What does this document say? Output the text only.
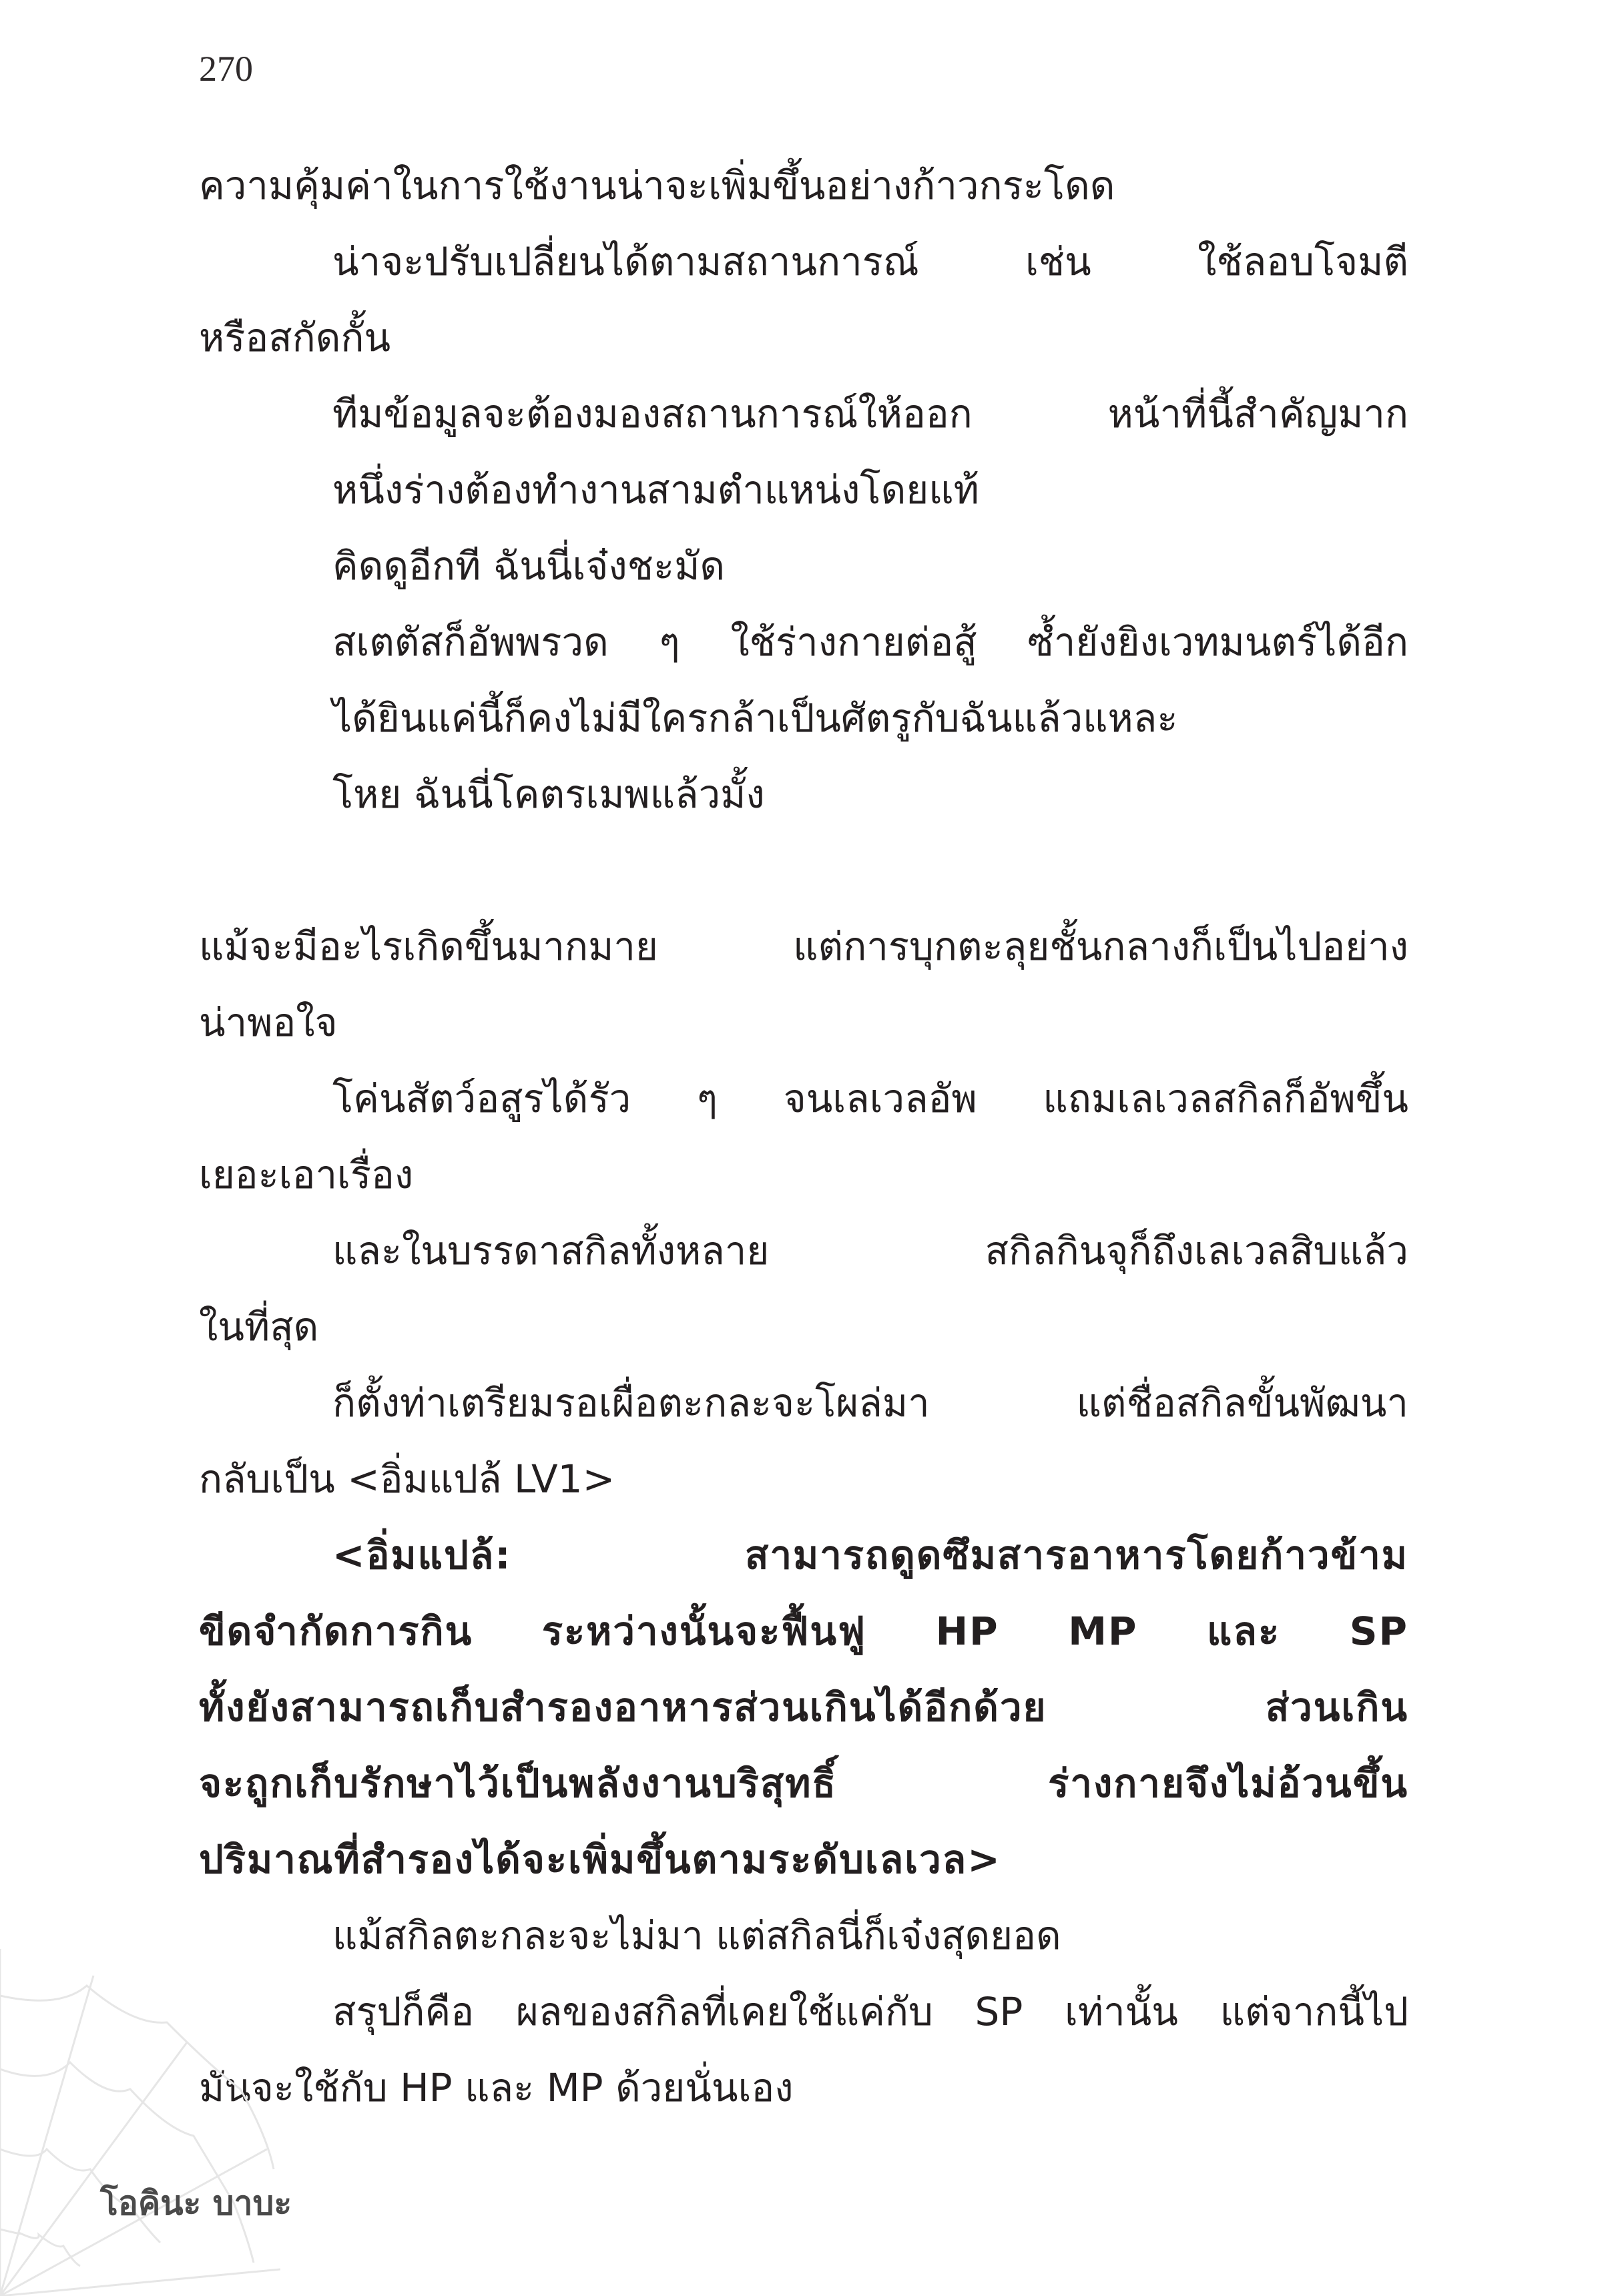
270
ความคุ้มค่าในการใช้งานน่าจะเพิ่มขึ้นอย่างก้าวกระโดด
น่าจะปรับเปลี่ยนได้ตามสถานการณ์ เช่น ใช้ลอบโจมตี
หรือสกัดกั้น
ทีมข้อมูลจะต้องมองสถานการณ์ให้ออก หน้าที่นี้สำคัญมาก
หนึ่งร่างต้องทำงานสามตำแหน่งโดยแท้
คิดดูอีกที ฉันนี่เจ๋งชะมัด
สเตตัสก็อัพพรวด ๆ ใช้ร่างกายต่อสู้ ซ้ำยังยิงเวทมนตร์ได้อีก
ได้ยินแค่นี้ก็คงไม่มีใครกล้าเป็นศัตรูกับฉันแล้วแหละ
โหย ฉันนี่โคตรเมพแล้วมั้ง
แม้จะมีอะไรเกิดขึ้นมากมาย แต่การบุกตะลุยชั้นกลางก็เป็นไปอย่าง
น่าพอใจ
โค่นสัตว์อสูรได้รัว ๆ จนเลเวลอัพ แถมเลเวลสกิลก็อัพขึ้น
เยอะเอาเรื่อง
และในบรรดาสกิลทั้งหลาย สกิลกินจุก็ถึงเลเวลสิบแล้ว
ในที่สุด
ก็ตั้งท่าเตรียมรอเผื่อตะกละจะโผล่มา แต่ชื่อสกิลขั้นพัฒนา
กลับเป็น <อิ่มแปล้ LV1>
<อิ่มแปล้: สามารถดูดซึมสารอาหารโดยก้าวข้าม
ขีดจำกัดการกิน ระหว่างนั้นจะฟื้นฟู HP MP และ SP
ทั้งยังสามารถเก็บสำรองอาหารส่วนเกินได้อีกด้วย ส่วนเกิน
จะถูกเก็บรักษาไว้เป็นพลังงานบริสุทธิ์ ร่างกายจึงไม่อ้วนขึ้น
ปริมาณที่สำรองได้จะเพิ่มขึ้นตามระดับเลเวล>
แม้สกิลตะกละจะไม่มา แต่สกิลนี่ก็เจ๋งสุดยอด
สรุปก็คือ ผลของสกิลที่เคยใช้แค่กับ SP เท่านั้น แต่จากนี้ไป
มันจะใช้กับ HP และ MP ด้วยนั่นเอง
โอคินะ บาบะ
